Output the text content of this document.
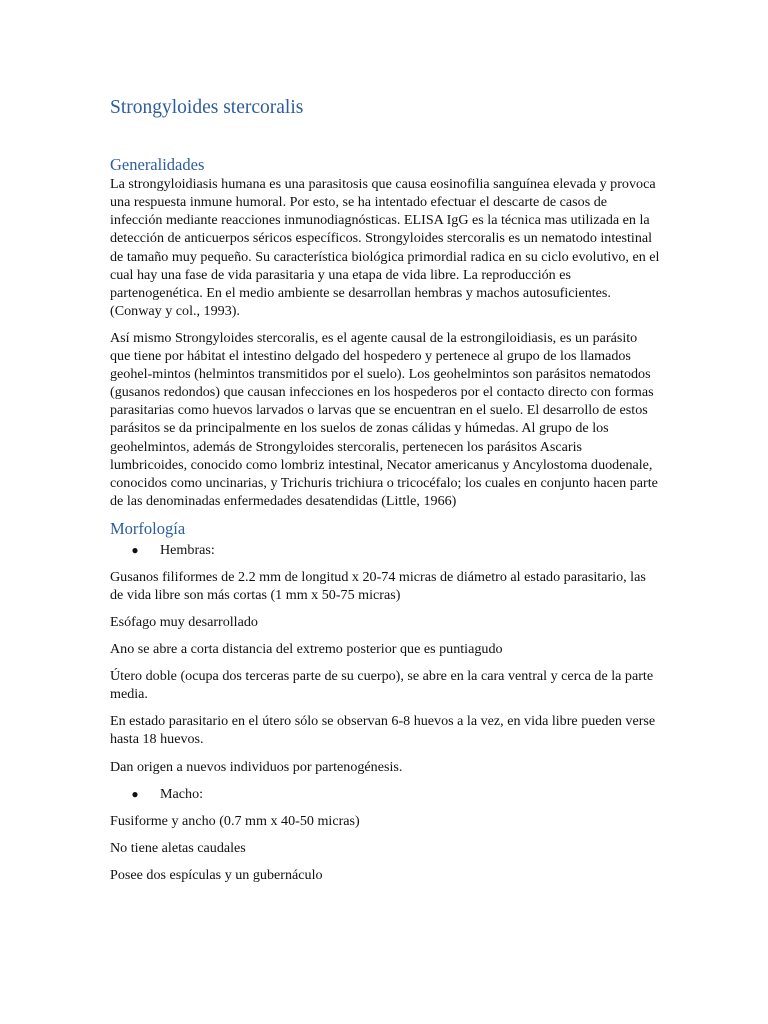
Strongyloides stercoralis
Generalidades

La strongyloidiasis humana es una parasitosis que causa eosinofilia sanguínea elevada y provoca una respuesta inmune humoral. Por esto, se ha intentado efectuar el descarte de casos de infección mediante reacciones inmunodiagnósticas. ELISA IgG es la técnica mas utilizada en la detección de anticuerpos séricos específicos. Strongyloides stercoralis es un nematodo intestinal de tamaño muy pequeño. Su característica biológica primordial radica en su ciclo evolutivo, en el cual hay una fase de vida parasitaria y una etapa de vida libre. La reproducción es partenogenética. En el medio ambiente se desarrollan hembras y machos autosuficientes. (Conway y col., 1993).

Así mismo Strongyloides stercoralis, es el agente causal de la estrongiloidiasis, es un parásito que tiene por hábitat el intestino delgado del hospedero y pertenece al grupo de los llamados geohel-mintos (helmintos transmitidos por el suelo). Los geohelmintos son parásitos nematodos (gusanos redondos) que causan infecciones en los hospederos por el contacto directo con formas parasitarias como huevos larvados o larvas que se encuentran en el suelo. El desarrollo de estos parásitos se da principalmente en los suelos de zonas cálidas y húmedas. Al grupo de los geohelmintos, además de Strongyloides stercoralis, pertenecen los parásitos Ascaris lumbricoides, conocido como lombriz intestinal, Necator americanus y Ancylostoma duodenale, conocidos como uncinarias, y Trichuris trichiura o tricocéfalo; los cuales en conjunto hacen parte de las denominadas enfermedades desatendidas (Little, 1966)

Morfología
●	Hembras:

Gusanos filiformes de 2.2 mm de longitud x 20-74 micras de diámetro al estado parasitario, las de vida libre son más cortas (1 mm x 50-75 micras)

Esófago muy desarrollado

Ano se abre a corta distancia del extremo posterior que es puntiagudo

Útero doble (ocupa dos terceras parte de su cuerpo), se abre en la cara ventral y cerca de la parte media.

En estado parasitario en el útero sólo se observan 6-8 huevos a la vez, en vida libre pueden verse hasta 18 huevos.

Dan origen a nuevos individuos por partenogénesis.

●	Macho:

Fusiforme y ancho (0.7 mm x 40-50 micras)

No tiene aletas caudales

Posee dos espículas y un gubernáculo
